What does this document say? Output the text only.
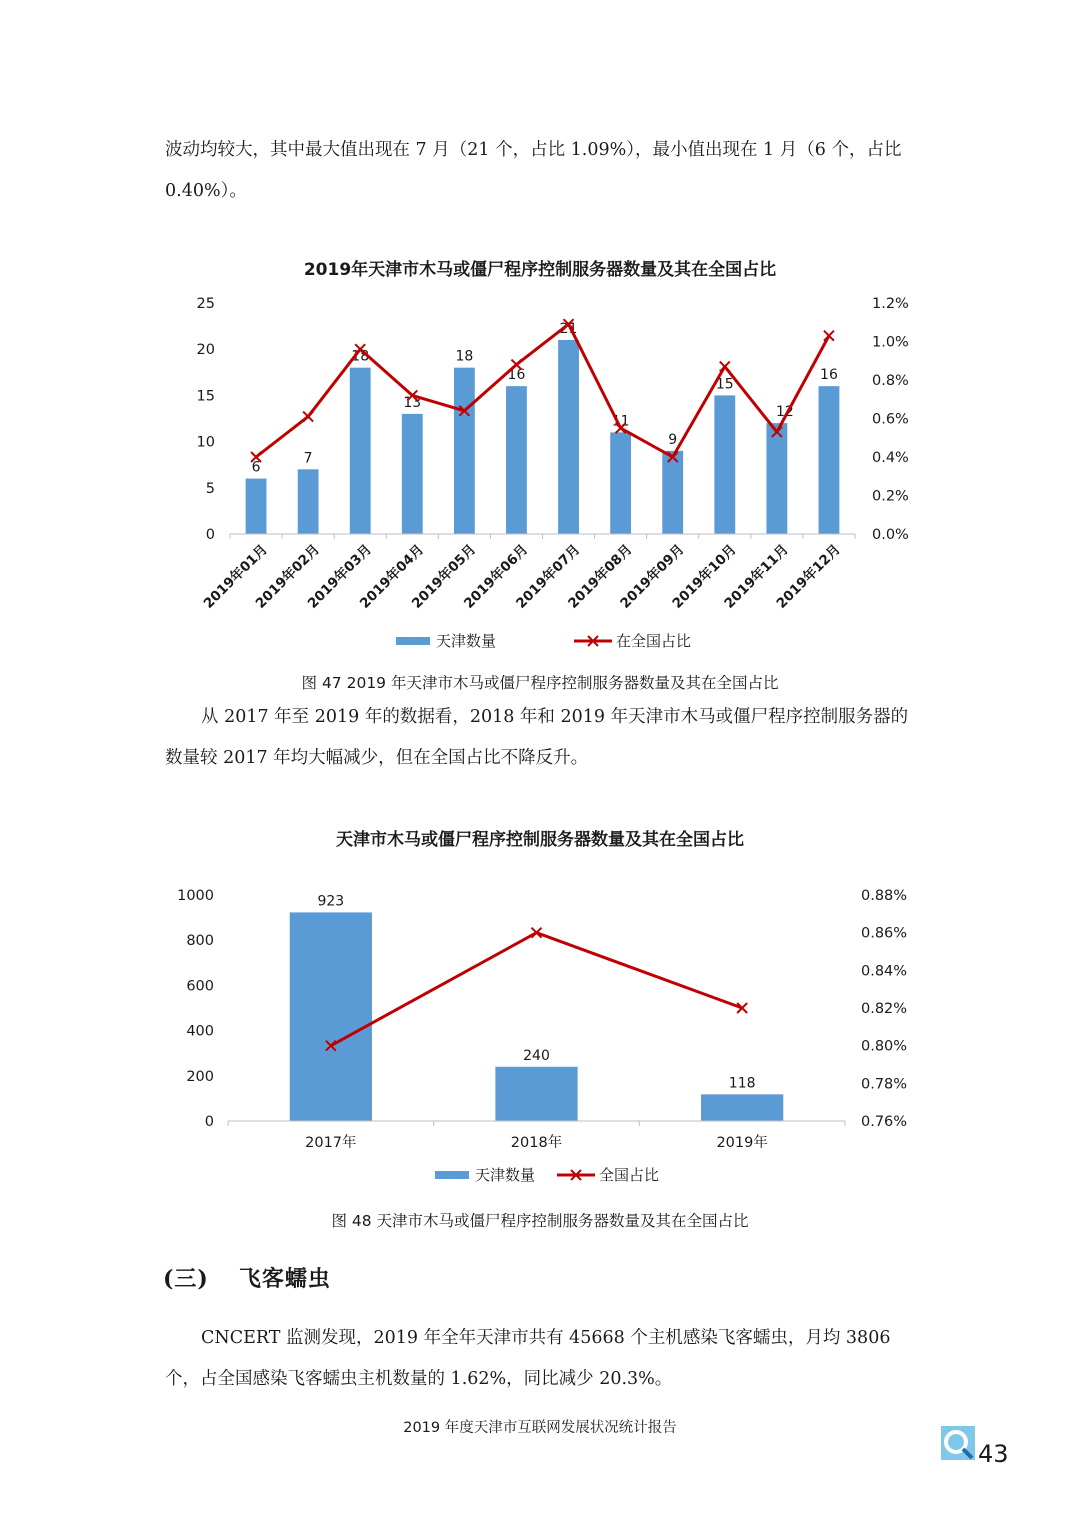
波动均较大，其中最大值出现在 7 月（21 个，占比 1.09%），最小值出现在 1 月（6 个，占比 0.40%）。

2019年天津市木马或僵尸程序控制服务器数量及其在全国占比
0
5
10
15
20
25
0.0%
0.2%
0.4%
0.6%
0.8%
1.0%
1.2%
6
7
18
13
18
16
21
11
9
15
12
16
2019年01月
2019年02月
2019年03月
2019年04月
2019年05月
2019年06月
2019年07月
2019年08月
2019年09月
2019年10月
2019年11月
2019年12月
天津数量	在全国占比
图 47 2019 年天津市木马或僵尸程序控制服务器数量及其在全国占比

从 2017 年至 2019 年的数据看，2018 年和 2019 年天津市木马或僵尸程序控制服务器的数量较 2017 年均大幅减少，但在全国占比不降反升。

天津市木马或僵尸程序控制服务器数量及其在全国占比
0
200
400
600
800
1000
0.76%
0.78%
0.80%
0.82%
0.84%
0.86%
0.88%
923
240
118
2017年	2018年	2019年
天津数量	全国占比
图 48 天津市木马或僵尸程序控制服务器数量及其在全国占比
(三) 飞客蠕虫

CNCERT 监测发现，2019 年全年天津市共有 45668 个主机感染飞客蠕虫，月均 3806 个，占全国感染飞客蠕虫主机数量的 1.62%，同比减少 20.3%。

2019 年度天津市互联网发展状况统计报告
43
